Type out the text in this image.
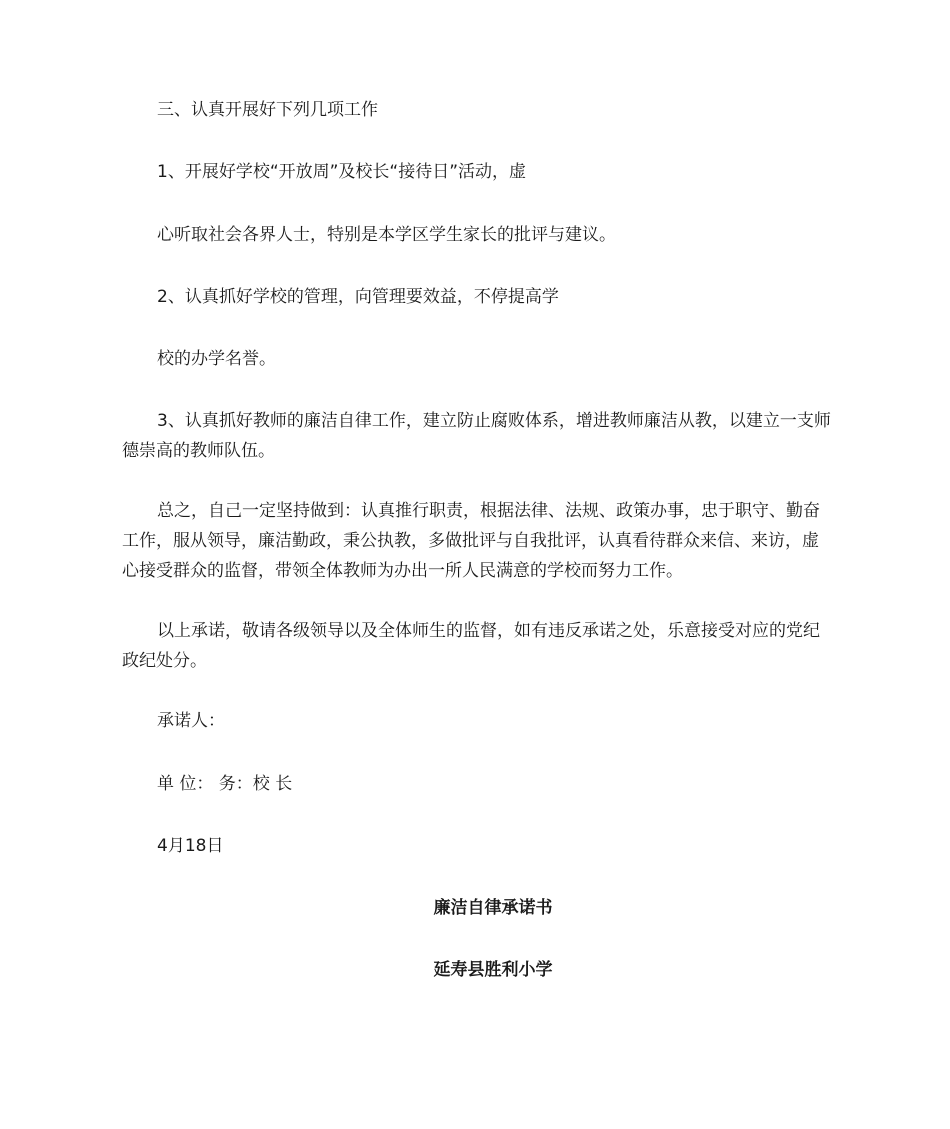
三、认真开展好下列几项工作

1、开展好学校“开放周”及校长“接待日”活动，虚

心听取社会各界人士，特别是本学区学生家长的批评与建议。

2、认真抓好学校的管理，向管理要效益，不停提高学

校的办学名誉。

3、认真抓好教师的廉洁自律工作，建立防止腐败体系，增进教师廉洁从教，以建立一支师德崇高的教师队伍。

总之，自己一定坚持做到：认真推行职责，根据法律、法规、政策办事，忠于职守、勤奋工作，服从领导，廉洁勤政，秉公执教，多做批评与自我批评，认真看待群众来信、来访，虚心接受群众的监督，带领全体教师为办出一所人民满意的学校而努力工作。

以上承诺，敬请各级领导以及全体师生的监督，如有违反承诺之处，乐意接受对应的党纪政纪处分。

承诺人：

单 位： 务：校 长

4月18日

廉洁自律承诺书

延寿县胜利小学
